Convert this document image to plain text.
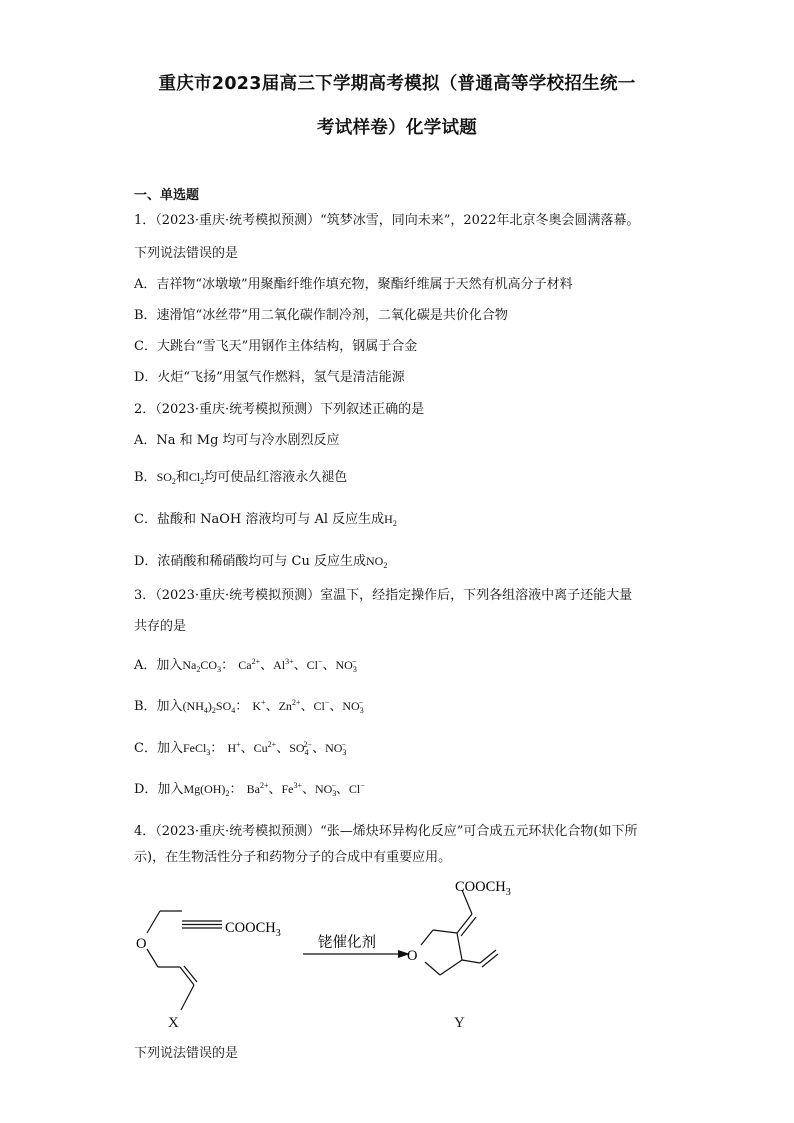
重庆市2023届高三下学期高考模拟（普通高等学校招生统一
考试样卷）化学试题
一、单选题
1．（2023·重庆·统考模拟预测）“筑梦冰雪，同向未来”，2022年北京冬奥会圆满落幕。
下列说法错误的是
A．吉祥物“冰墩墩”用聚酯纤维作填充物，聚酯纤维属于天然有机高分子材料
B．速滑馆“冰丝带”用二氧化碳作制冷剂，二氧化碳是共价化合物
C．大跳台“雪飞天”用钢作主体结构，钢属于合金
D．火炬“飞扬”用氢气作燃料，氢气是清洁能源
2．（2023·重庆·统考模拟预测）下列叙述正确的是
A．Na 和 Mg 均可与冷水剧烈反应
B．$SO_2$和$Cl_2$均可使品红溶液永久褪色
C．盐酸和 NaOH 溶液均可与 Al 反应生成$H_2$
D．浓硝酸和稀硝酸均可与 Cu 反应生成$NO_2$
3．（2023·重庆·统考模拟预测）室温下，经指定操作后，下列各组溶液中离子还能大量
共存的是
A．加入$Na_2CO_3$： $Ca^{2+}$、$Al^{3+}$、Cl−、$NO_3^-$
B．加入$(NH_4)_2SO_4$： K+、$Zn^{2+}$、Cl−、$NO_3^-$
C．加入FeCl$_3$： H+、$Cu^{2+}$、$SO_4^{2-}$、$NO_3^-$
D．加入$Mg(OH)_2$： $Ba^{2+}$、$Fe^{3+}$、$NO_3^-$、Cl−
4．（2023·重庆·统考模拟预测）“张—烯炔环异构化反应”可合成五元环状化合物(如下所
示)，在生物活性分子和药物分子的合成中有重要应用。
$COOCH_3$
O	铑催化剂
$COOCH_3$
O
X	Y
下列说法错误的是
